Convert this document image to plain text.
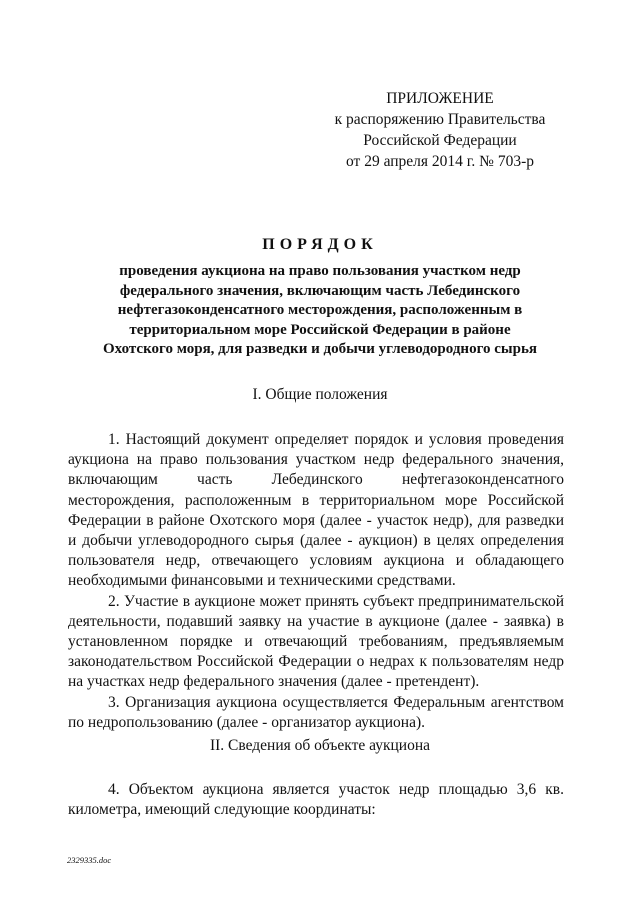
ПРИЛОЖЕНИЕ
к распоряжению Правительства
Российской Федерации
от 29 апреля 2014 г. № 703-р
ПОРЯДОК
проведения аукциона на право пользования участком недр федерального значения, включающим часть Лебединского нефтегазоконденсатного месторождения, расположенным в территориальном море Российской Федерации в районе Охотского моря, для разведки и добычи углеводородного сырья
I. Общие положения

1. Настоящий документ определяет порядок и условия проведения аукциона на право пользования участком недр федерального значения, включающим часть Лебединского нефтегазоконденсатного месторождения, расположенным в территориальном море Российской Федерации в районе Охотского моря (далее - участок недр), для разведки и добычи углеводородного сырья (далее - аукцион) в целях определения пользователя недр, отвечающего условиям аукциона и обладающего необходимыми финансовыми и техническими средствами.

2. Участие в аукционе может принять субъект предпринимательской деятельности, подавший заявку на участие в аукционе (далее - заявка) в установленном порядке и отвечающий требованиям, предъявляемым законодательством Российской Федерации о недрах к пользователям недр на участках недр федерального значения (далее - претендент).

3. Организация аукциона осуществляется Федеральным агентством по недропользованию (далее - организатор аукциона).

II. Сведения об объекте аукциона

4. Объектом аукциона является участок недр площадью 3,6 кв. километра, имеющий следующие координаты:

2329335.doc
